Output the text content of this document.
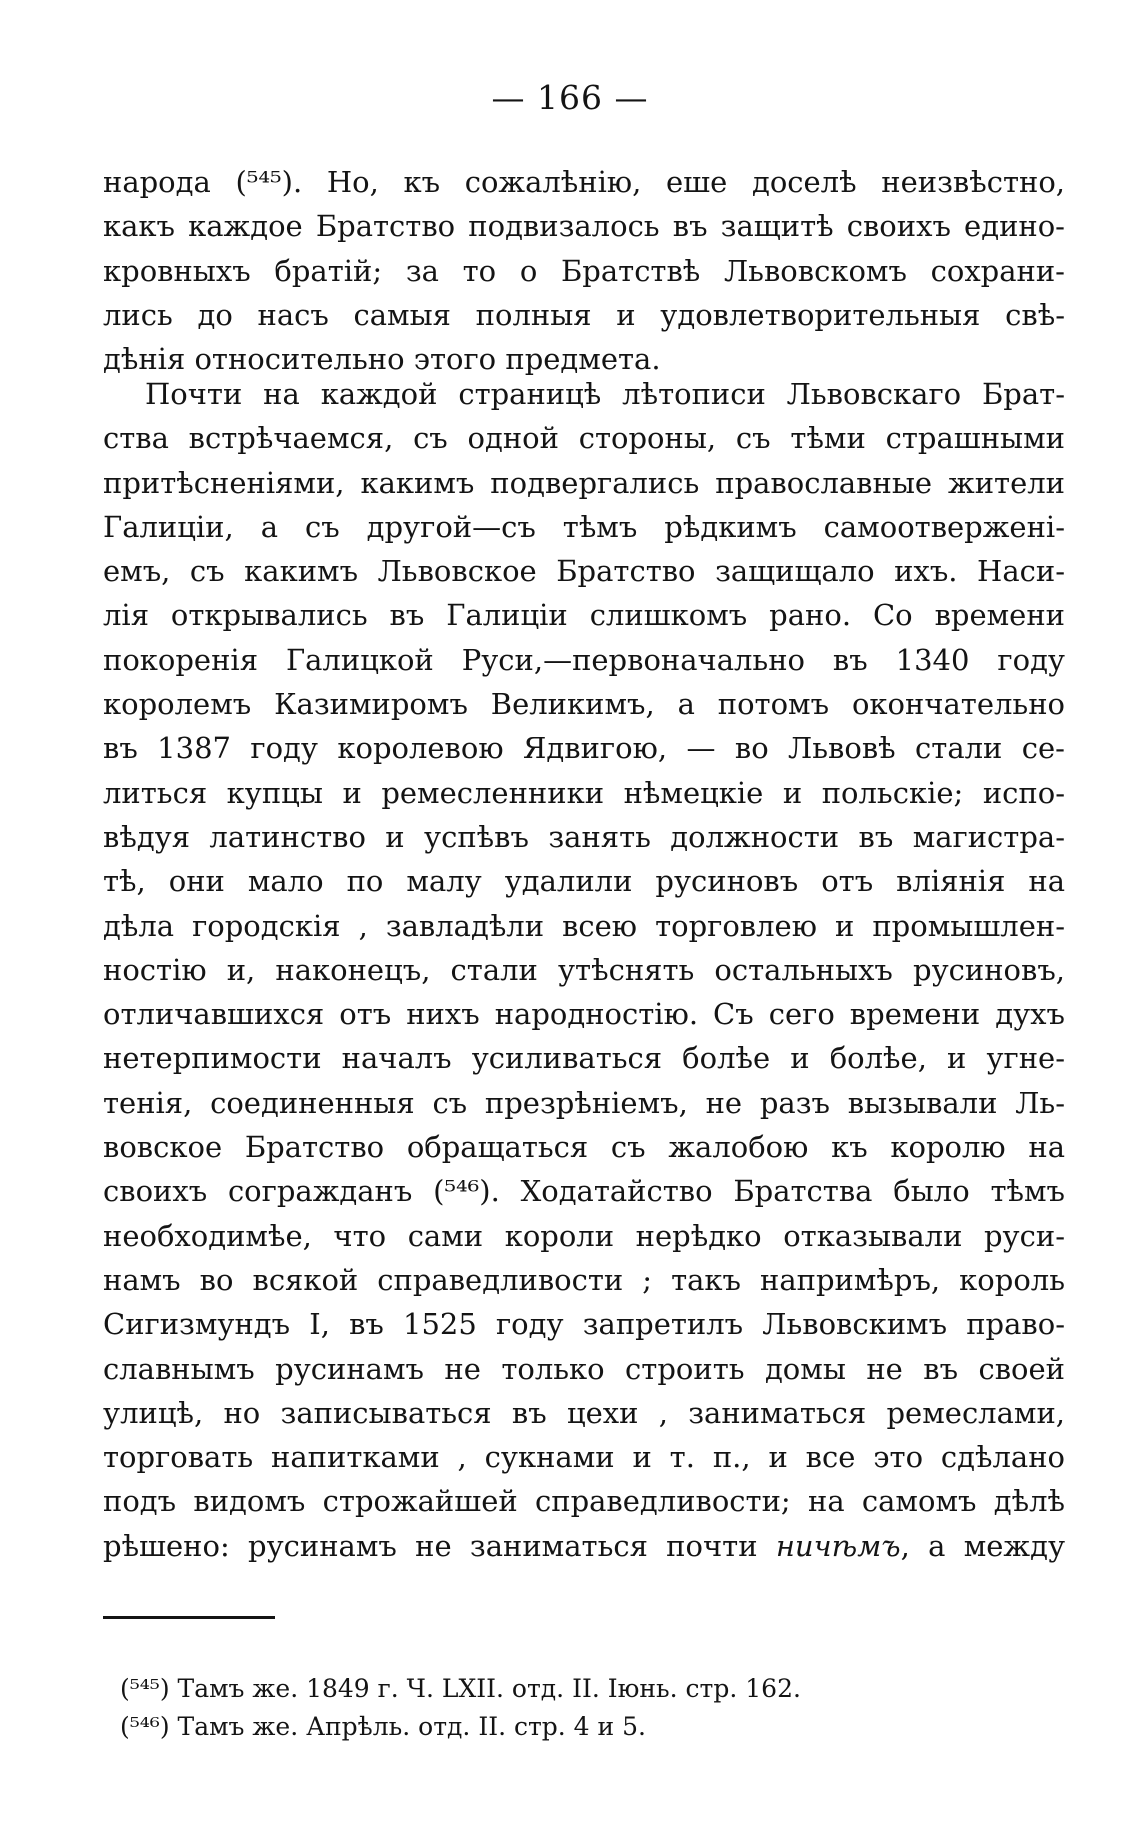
— 166 —
народа (⁵⁴⁵). Но, къ сожалѣнію, еше доселѣ неизвѣстно,
какъ каждое Братство подвизалось въ защитѣ своихъ едино-
кровныхъ братій; за то о Братствѣ Львовскомъ сохрани-
лись до насъ самыя полныя и удовлетворительныя свѣ-
дѣнія относительно этого предмета.
Почти на каждой страницѣ лѣтописи Львовскаго Брат-
ства встрѣчаемся, съ одной стороны, съ тѣми страшными
притѣсненіями, какимъ подвергались православные жители
Галиціи, а съ другой—съ тѣмъ рѣдкимъ самоотверженi-
емъ, съ какимъ Львовское Братство защищало ихъ. Наси-
лія открывались въ Галиціи слишкомъ рано. Со времени
покоренія Галицкой Руси,—первоначально въ 1340 году
королемъ Казимиромъ Великимъ, а потомъ окончательно
въ 1387 году королевою Ядвигою, — во Львовѣ стали се-
литься купцы и ремесленники нѣмецкіе и польскіе; испо-
вѣдуя латинство и успѣвъ занять должности въ магистра-
тѣ, они мало по малу удалили русиновъ отъ вліянія на
дѣла городскія , завладѣли всею торговлею и промышлен-
ностію и, наконецъ, стали утѣснять остальныхъ русиновъ,
отличавшихся отъ нихъ народностію. Съ сего времени духъ
нетерпимости началъ усиливаться болѣе и болѣе, и угне-
тенія, соединенныя съ презрѣніемъ, не разъ вызывали Ль-
вовское Братство обращаться съ жалобою къ королю на
своихъ согражданъ (⁵⁴⁶). Ходатайство Братства было тѣмъ
необходимѣе, что сами короли нерѣдко отказывали руси-
намъ во всякой справедливости ; такъ напримѣръ, король
Сигизмундъ I, въ 1525 году запретилъ Львовскимъ право-
славнымъ русинамъ не только строить домы не въ своей
улицѣ, но записываться въ цехи , заниматься ремеслами,
торговать напитками , сукнами и т. п., и все это сдѣлано
подъ видомъ строжайшей справедливости; на самомъ дѣлѣ
рѣшено: русинамъ не заниматься почти ничѣмъ, а между
(⁵⁴⁵) Тамъ же. 1849 г. Ч. LXII. отд. II. Іюнь. стр. 162.
(⁵⁴⁶) Тамъ же. Апрѣль. отд. II. стр. 4 и 5.
